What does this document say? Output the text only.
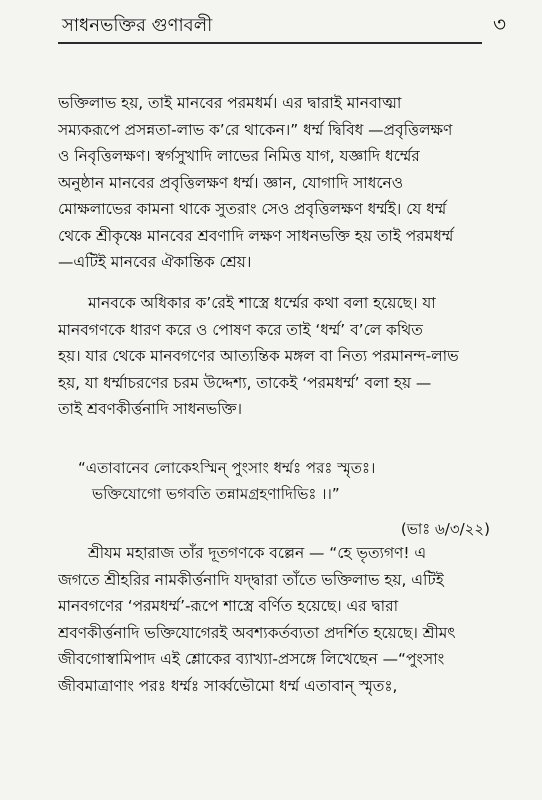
সাধনভক্তির গুণাবলী	৩
ভক্তিলাভ হয়, তাই মানবের পরমধর্ম। এর দ্বারাই মানবাত্মা
সম্যকরূপে প্রসন্নতা-লাভ ক’রে থাকেন।” ধর্ম্ম দ্বিবিধ —প্রবৃত্তিলক্ষণ
ও নিবৃত্তিলক্ষণ। স্বর্গসুখাদি লাভের নিমিত্ত যাগ, যজ্ঞাদি ধর্ম্মের
অনুষ্ঠান মানবের প্রবৃত্তিলক্ষণ ধর্ম্ম। জ্ঞান, যোগাদি সাধনেও
মোক্ষলাভের কামনা থাকে সুতরাং সেও প্রবৃত্তিলক্ষণ ধর্ম্মই। যে ধর্ম্ম
থেকে শ্রীকৃষ্ণে মানবের শ্রবণাদি লক্ষণ সাধনভক্তি হয় তাই পরমধর্ম্ম
—এটিই মানবের ঐকান্তিক শ্রেয়।
মানবকে অধিকার ক’রেই শাস্ত্রে ধর্ম্মের কথা বলা হয়েছে। যা
মানবগণকে ধারণ করে ও পোষণ করে তাই ‘ধর্ম্ম’ ব’লে কথিত
হয়। যার থেকে মানবগণের আত্যন্তিক মঙ্গল বা নিত্য পরমানন্দ-লাভ
হয়, যা ধর্ম্মাচরণের চরম উদ্দেশ্য, তাকেই ‘পরমধর্ম্ম’ বলা হয় —
তাই শ্রবণকীর্ত্তনাদি সাধনভক্তি।
“এতাবানেব লোকেঽস্মিন্ পুংসাং ধর্ম্মঃ পরঃ স্মৃতঃ।
ভক্তিযোগো ভগবতি তন্নামগ্রহণাদিভিঃ ।।”
(ভাঃ ৬/৩/২২)
শ্রীযম মহারাজ তাঁর দূতগণকে বল্লেন — “হে ভৃত্যগণ! এ
জগতে শ্রীহরির নামকীর্ত্তনাদি যদ্দ্বারা তাঁতে ভক্তিলাভ হয়, এটিই
মানবগণের ‘পরমধর্ম্ম’-রূপে শাস্ত্রে বর্ণিত হয়েছে। এর দ্বারা
শ্রবণকীর্ত্তনাদি ভক্তিযোগেরই অবশ্যকর্তব্যতা প্রদর্শিত হয়েছে। শ্রীমৎ
জীবগোস্বামিপাদ এই শ্লোকের ব্যাখ্যা-প্রসঙ্গে লিখেছেন —“পুংসাং
জীবমাত্রাণাং পরঃ ধর্ম্মঃ সার্ব্বভৌমো ধর্ম্ম এতাবান্ স্মৃতঃ,
